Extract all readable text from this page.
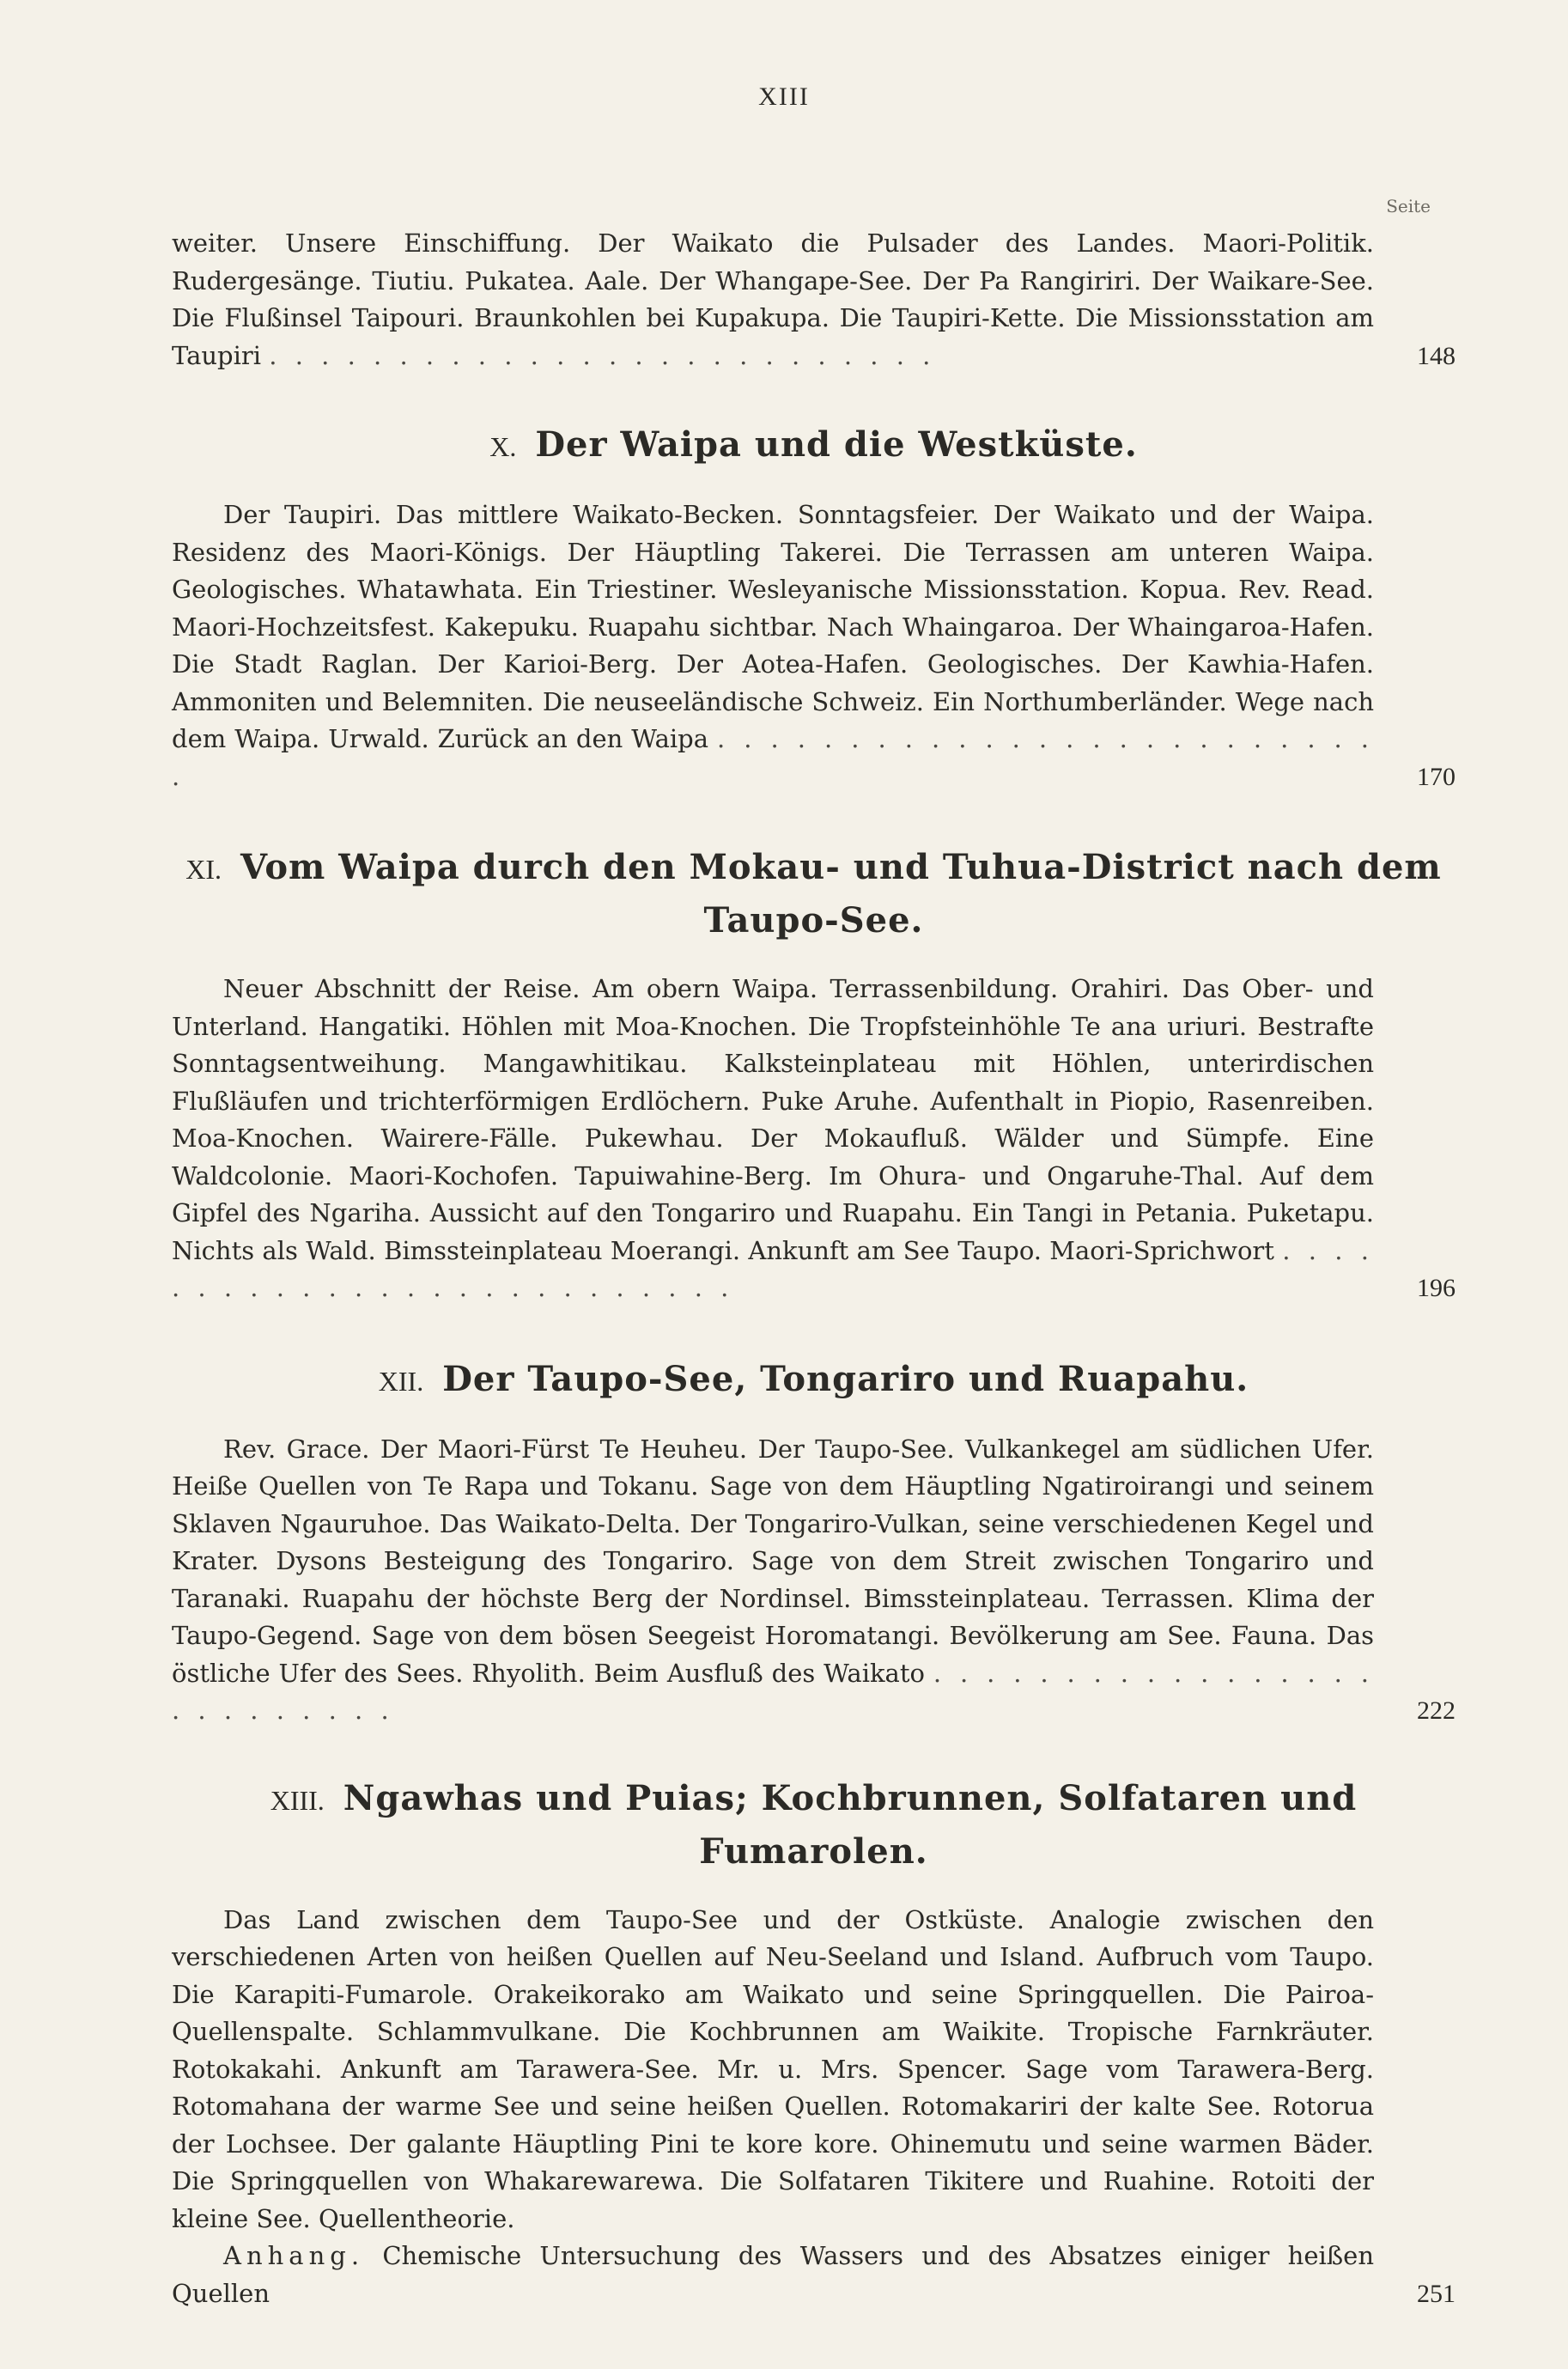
XIII
Seite

weiter. Unsere Einschiffung. Der Waikato die Pulsader des Landes. Maori-Politik. Rudergesänge. Tiutiu. Pukatea. Aale. Der Whangape-See. Der Pa Rangiriri. Der Waikare-See. Die Flußinsel Taipouri. Braunkohlen bei Kupakupa. Die Taupiri-Kette. Die Missionsstation am Taupiri . . . . . . . . . . . . . . . . . . . . . . . . . .	148

X. Der Waipa und die Westküste.

Der Taupiri. Das mittlere Waikato-Becken. Sonntagsfeier. Der Waikato und der Waipa. Residenz des Maori-Königs. Der Häuptling Takerei. Die Terrassen am unteren Waipa. Geologisches. Whatawhata. Ein Triestiner. Wesleyanische Missionsstation. Kopua. Rev. Read. Maori-Hochzeitsfest. Kakepuku. Ruapahu sichtbar. Nach Whaingaroa. Der Whaingaroa-Hafen. Die Stadt Raglan. Der Karioi-Berg. Der Aotea-Hafen. Geologisches. Der Kawhia-Hafen. Ammoniten und Belemniten. Die neuseeländische Schweiz. Ein Northumberländer. Wege nach dem Waipa. Urwald. Zurück an den Waipa . . . . . . . . . . . . . . . . . . . . . . . . . .	170

XI. Vom Waipa durch den Mokau- und Tuhua-District nach dem Taupo-See.

Neuer Abschnitt der Reise. Am obern Waipa. Terrassenbildung. Orahiri. Das Ober- und Unterland. Hangatiki. Höhlen mit Moa-Knochen. Die Tropfsteinhöhle Te ana uriuri. Bestrafte Sonntagsentweihung. Mangawhitikau. Kalksteinplateau mit Höhlen, unterirdischen Flußläufen und trichterförmigen Erdlöchern. Puke Aruhe. Aufenthalt in Piopio, Rasenreiben. Moa-Knochen. Wairere-Fälle. Pukewhau. Der Mokaufluß. Wälder und Sümpfe. Eine Waldcolonie. Maori-Kochofen. Tapuiwahine-Berg. Im Ohura- und Ongaruhe-Thal. Auf dem Gipfel des Ngariha. Aussicht auf den Tongariro und Ruapahu. Ein Tangi in Petania. Puketapu. Nichts als Wald. Bimssteinplateau Moerangi. Ankunft am See Taupo. Maori-Sprichwort . . . . . . . . . . . . . . . . . . . . . . . . . .	196

XII. Der Taupo-See, Tongariro und Ruapahu.

Rev. Grace. Der Maori-Fürst Te Heuheu. Der Taupo-See. Vulkankegel am südlichen Ufer. Heiße Quellen von Te Rapa und Tokanu. Sage von dem Häuptling Ngatiroirangi und seinem Sklaven Ngauruhoe. Das Waikato-Delta. Der Tongariro-Vulkan, seine verschiedenen Kegel und Krater. Dysons Besteigung des Tongariro. Sage von dem Streit zwischen Tongariro und Taranaki. Ruapahu der höchste Berg der Nordinsel. Bimssteinplateau. Terrassen. Klima der Taupo-Gegend. Sage von dem bösen Seegeist Horomatangi. Bevölkerung am See. Fauna. Das östliche Ufer des Sees. Rhyolith. Beim Ausfluß des Waikato . . . . . . . . . . . . . . . . . . . . . . . . . .	222

XIII. Ngawhas und Puias; Kochbrunnen, Solfataren und Fumarolen.

Das Land zwischen dem Taupo-See und der Ostküste. Analogie zwischen den verschiedenen Arten von heißen Quellen auf Neu-Seeland und Island. Aufbruch vom Taupo. Die Karapiti-Fumarole. Orakeikorako am Waikato und seine Springquellen. Die Pairoa-Quellenspalte. Schlammvulkane. Die Kochbrunnen am Waikite. Tropische Farnkräuter. Rotokakahi. Ankunft am Tarawera-See. Mr. u. Mrs. Spencer. Sage vom Tarawera-Berg. Rotomahana der warme See und seine heißen Quellen. Rotomakariri der kalte See. Rotorua der Lochsee. Der galante Häuptling Pini te kore kore. Ohinemutu und seine warmen Bäder. Die Springquellen von Whakarewarewa. Die Solfataren Tikitere und Ruahine. Rotoiti der kleine See. Quellentheorie.

Anhang. Chemische Untersuchung des Wassers und des Absatzes einiger heißen Quellen	251
